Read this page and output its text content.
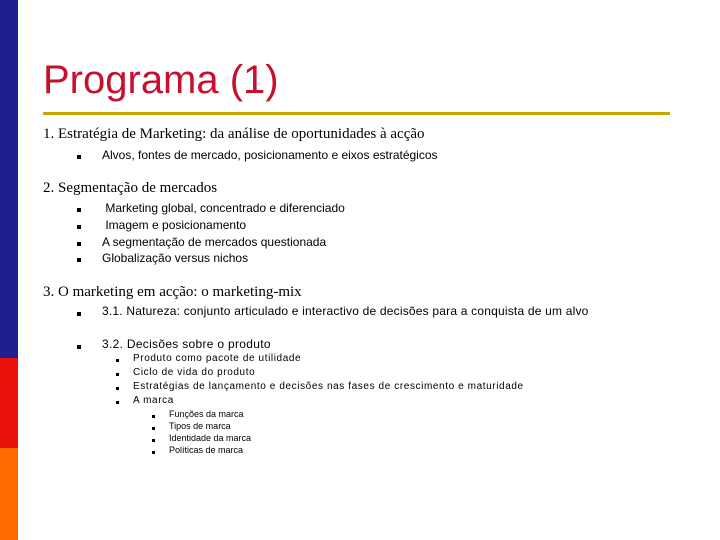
Programa (1)
1. Estratégia de Marketing: da análise de oportunidades à acção
Alvos, fontes de mercado, posicionamento e eixos estratégicos
2. Segmentação de mercados
Marketing global, concentrado e diferenciado
Imagem e posicionamento
A segmentação de mercados questionada
Globalização versus nichos
3. O marketing em acção: o marketing-mix
3.1. Natureza: conjunto articulado e interactivo de decisões para a conquista de um alvo
3.2. Decisões sobre o produto
Produto como pacote de utilidade
Ciclo de vida do produto
Estratégias de lançamento e decisões nas fases de crescimento e maturidade
A marca
Funções da marca
Tipos de marca
Identidade da marca
Políticas de marca
